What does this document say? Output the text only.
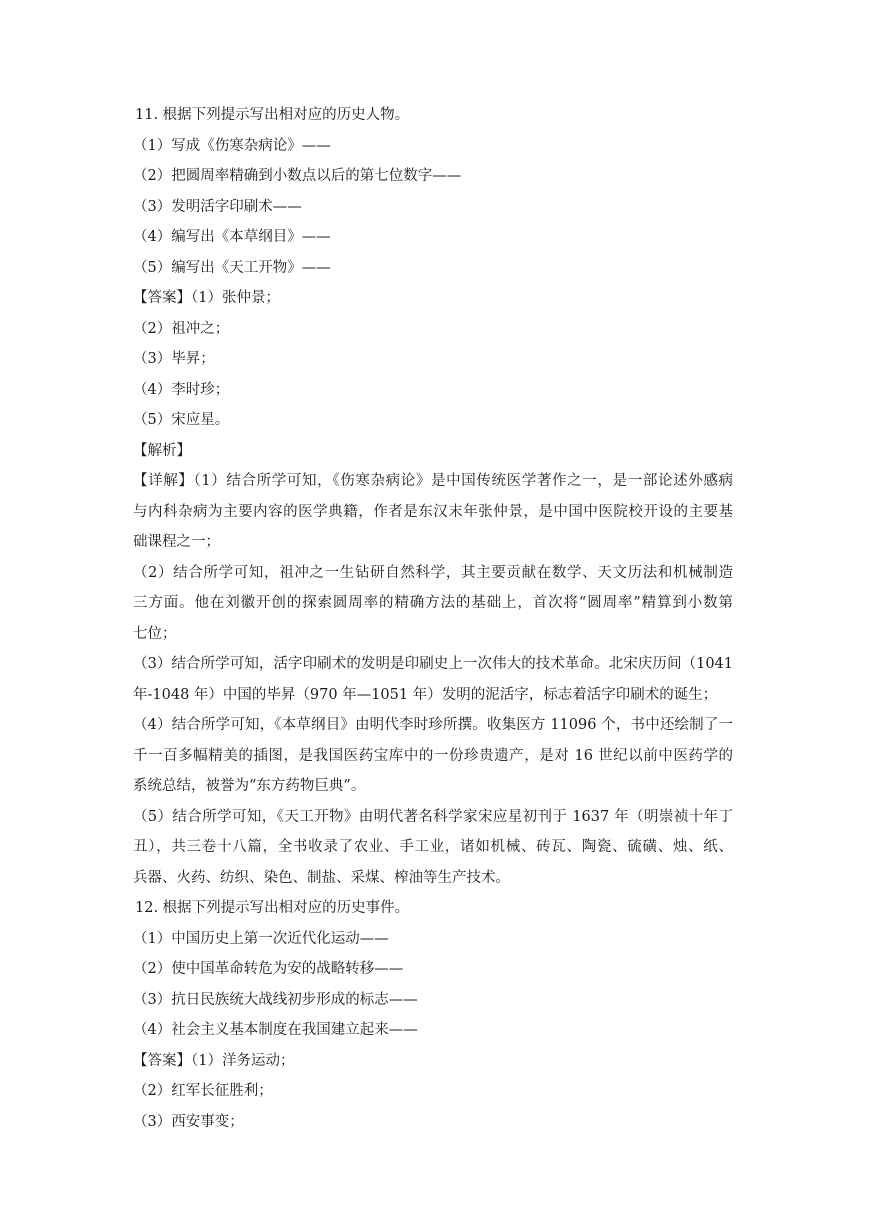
11. 根据下列提示写出相对应的历史人物。
（1）写成《伤寒杂病论》——
（2）把圆周率精确到小数点以后的第七位数字——
（3）发明活字印刷术——
（4）编写出《本草纲目》——
（5）编写出《天工开物》——
【答案】（1）张仲景；
（2）祖冲之；
（3）毕昇；
（4）李时珍；
（5）宋应星。
【解析】
【详解】（1）结合所学可知，《伤寒杂病论》是中国传统医学著作之一，是一部论述外感病
与内科杂病为主要内容的医学典籍，作者是东汉末年张仲景，是中国中医院校开设的主要基
础课程之一；
（2）结合所学可知，祖冲之一生钻研自然科学，其主要贡献在数学、天文历法和机械制造
三方面。他在刘徽开创的探索圆周率的精确方法的基础上，首次将“圆周率”精算到小数第
七位；
（3）结合所学可知，活字印刷术的发明是印刷史上一次伟大的技术革命。北宋庆历间（1041
年-1048 年）中国的毕昇（970 年—1051 年）发明的泥活字，标志着活字印刷术的诞生；
（4）结合所学可知，《本草纲目》由明代李时珍所撰。收集医方 11096 个，书中还绘制了一
千一百多幅精美的插图，是我国医药宝库中的一份珍贵遗产，是对 16 世纪以前中医药学的
系统总结，被誉为“东方药物巨典”。
（5）结合所学可知，《天工开物》由明代著名科学家宋应星初刊于 1637 年（明崇祯十年丁
丑），共三卷十八篇，全书收录了农业、手工业，诸如机械、砖瓦、陶瓷、硫磺、烛、纸、
兵器、火药、纺织、染色、制盐、采煤、榨油等生产技术。
12. 根据下列提示写出相对应的历史事件。
（1）中国历史上第一次近代化运动——
（2）使中国革命转危为安的战略转移——
（3）抗日民族统大战线初步形成的标志——
（4）社会主义基本制度在我国建立起来——
【答案】（1）洋务运动；
（2）红军长征胜利；
（3）西安事变；
